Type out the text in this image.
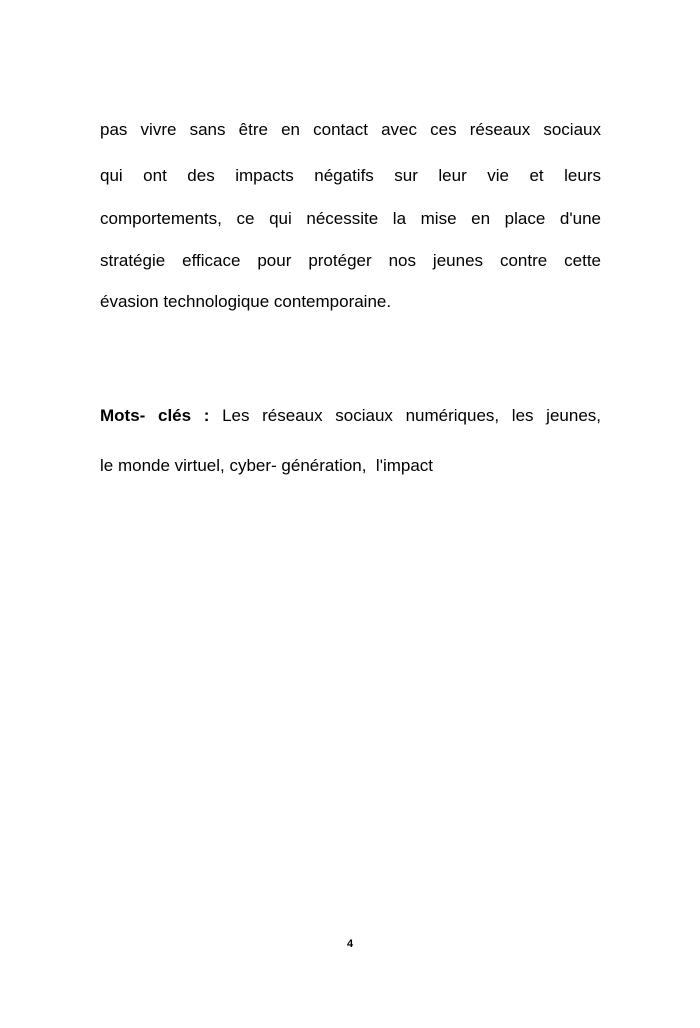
pas vivre sans être en contact avec ces réseaux sociaux
qui ont des impacts négatifs sur leur vie et leurs
comportements, ce qui nécessite la mise en place d'une
stratégie efficace pour protéger nos jeunes contre cette
évasion technologique contemporaine.
Mots- clés : Les réseaux sociaux numériques, les jeunes,
le monde virtuel, cyber- génération,  l'impact
4
